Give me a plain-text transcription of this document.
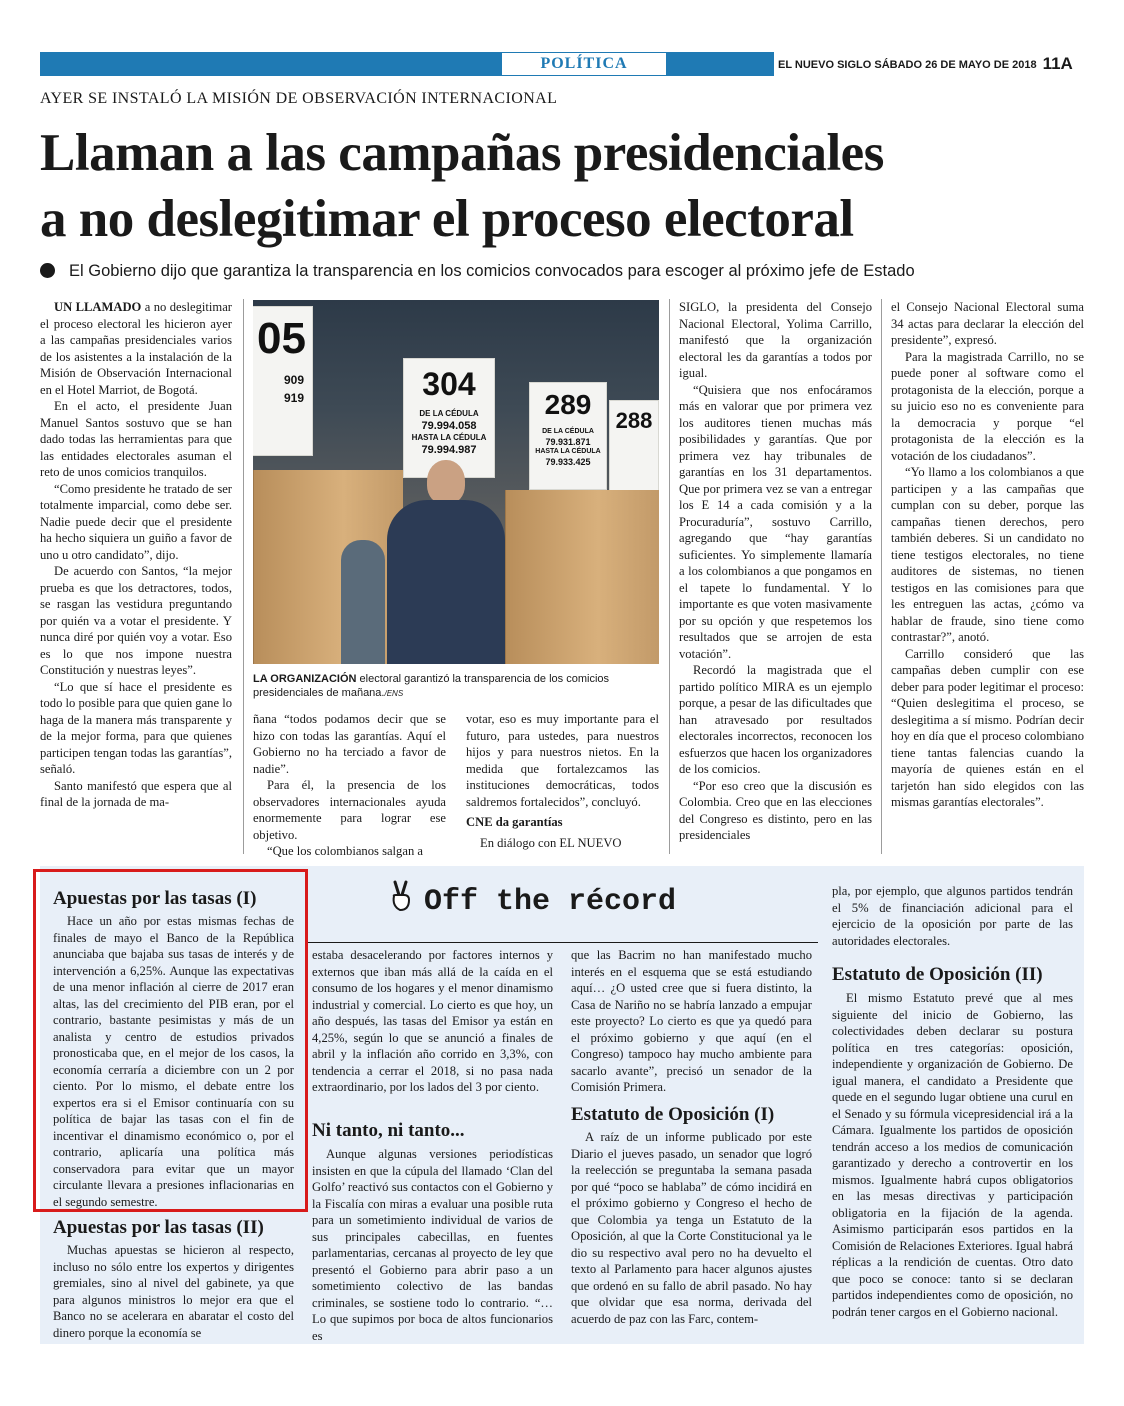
POLÍTICA	EL NUEVO SIGLO SÁBADO 26 DE MAYO DE 2018 11A
AYER SE INSTALÓ LA MISIÓN DE OBSERVACIÓN INTERNACIONAL
Llaman a las campañas presidenciales
a no deslegitimar el proceso electoral
El Gobierno dijo que garantiza la transparencia en los comicios convocados para escoger al próximo jefe de Estado

UN LLAMADO a no deslegitimar el proceso electoral les hicieron ayer a las campañas presidenciales varios de los asistentes a la instalación de la Misión de Observación Internacional en el Hotel Marriot, de Bogotá.

En el acto, el presidente Juan Manuel Santos sostuvo que se han dado todas las herramientas para que las entidades electorales asuman el reto de unos comicios tranquilos.

“Como presidente he tratado de ser totalmente imparcial, como debe ser. Nadie puede decir que el presidente ha hecho siquiera un guiño a favor de uno u otro candidato”, dijo.

De acuerdo con Santos, “la mejor prueba es que los detractores, todos, se rasgan las vestidura preguntando por quién va a votar el presidente. Y nunca diré por quién voy a votar. Eso es lo que nos impone nuestra Constitución y nuestras leyes”.

“Lo que sí hace el presidente es todo lo posible para que quien gane lo haga de la manera más transparente y de la mejor forma, para que quienes participen tengan todas las garantías”, señaló.

Santo manifestó que espera que al final de la jornada de ma-

05
909
919	304
DE LA CÉDULA
79.994.058
HASTA LA CÉDULA
79.994.987
289
DE LA CÉDULA
79.931.871
HASTA LA CÉDULA
79.933.425
288
LA ORGANIZACIÓN electoral garantizó la transparencia de los comicios presidenciales de mañana./ENS

ñana “todos podamos decir que se hizo con todas las garantías. Aquí el Gobierno no ha terciado a favor de nadie”.

Para él, la presencia de los observadores internacionales ayuda enormemente para lograr ese objetivo.

“Que los colombianos salgan a

votar, eso es muy importante para el futuro, para ustedes, para nuestros hijos y para nuestros nietos. En la medida que fortalezcamos las instituciones democráticas, todos saldremos fortalecidos”, concluyó.

CNE da garantías

En diálogo con EL NUEVO

SIGLO, la presidenta del Consejo Nacional Electoral, Yolima Carrillo, manifestó que la organización electoral les da garantías a todos por igual.

“Quisiera que nos enfocáramos más en valorar que por primera vez los auditores tienen muchas más posibilidades y garantías. Que por primera vez hay tribunales de garantías en los 31 departamentos. Que por primera vez se van a entregar los E 14 a cada comisión y a la Procuraduría”, sostuvo Carrillo, agregando que “hay garantías suficientes. Yo simplemente llamaría a los colombianos a que pongamos en el tapete lo fundamental. Y lo importante es que voten masivamente por su opción y que respetemos los resultados que se arrojen de esta votación”.

Recordó la magistrada que el partido político MIRA es un ejemplo porque, a pesar de las dificultades que han atravesado por resultados electorales incorrectos, reconocen los esfuerzos que hacen los organizadores de los comicios.

“Por eso creo que la discusión es Colombia. Creo que en las elecciones del Congreso es distinto, pero en las presidenciales

el Consejo Nacional Electoral suma 34 actas para declarar la elección del presidente”, expresó.

Para la magistrada Carrillo, no se puede poner al software como el protagonista de la elección, porque a su juicio eso no es conveniente para la democracia y porque “el protagonista de la elección es la votación de los ciudadanos”.

“Yo llamo a los colombianos a que participen y a las campañas que cumplan con su deber, porque las campañas tienen derechos, pero también deberes. Si un candidato no tiene testigos electorales, no tiene auditores de sistemas, no tienen testigos en las comisiones para que les entreguen las actas, ¿cómo va hablar de fraude, sino tiene como contrastar?”, anotó.

Carrillo consideró que las campañas deben cumplir con ese deber para poder legitimar el proceso: “Quien deslegitima el proceso, se deslegitima a sí mismo. Podrían decir hoy en día que el proceso colombiano tiene tantas falencias cuando la mayoría de quienes están en el tarjetón han sido elegidos con las mismas garantías electorales”.

Off the récord
Apuestas por las tasas (I)

Hace un año por estas mismas fechas de finales de mayo el Banco de la República anunciaba que bajaba sus tasas de interés y de intervención a 6,25%. Aunque las expectativas de una menor inflación al cierre de 2017 eran altas, las del crecimiento del PIB eran, por el contrario, bastante pesimistas y más de un analista y centro de estudios privados pronosticaba que, en el mejor de los casos, la economía cerraría a diciembre con un 2 por ciento. Por lo mismo, el debate entre los expertos era si el Emisor continuaría con su política de bajar las tasas con el fin de incentivar el dinamismo económico o, por el contrario, aplicaría una política más conservadora para evitar que un mayor circulante llevara a presiones inflacionarias en el segundo semestre.

Apuestas por las tasas (II)

Muchas apuestas se hicieron al respecto, incluso no sólo entre los expertos y dirigentes gremiales, sino al nivel del gabinete, ya que para algunos ministros lo mejor era que el Banco no se acelerara en abaratar el costo del dinero porque la economía se

estaba desacelerando por factores internos y externos que iban más allá de la caída en el consumo de los hogares y el menor dinamismo industrial y comercial. Lo cierto es que hoy, un año después, las tasas del Emisor ya están en 4,25%, según lo que se anunció a finales de abril y la inflación año corrido en 3,3%, con tendencia a cerrar el 2018, si no pasa nada extraordinario, por los lados del 3 por ciento.

Ni tanto, ni tanto...

Aunque algunas versiones periodísticas insisten en que la cúpula del llamado ‘Clan del Golfo’ reactivó sus contactos con el Gobierno y la Fiscalía con miras a evaluar una posible ruta para un sometimiento individual de varios de sus principales cabecillas, en fuentes parlamentarias, cercanas al proyecto de ley que presentó el Gobierno para abrir paso a un sometimiento colectivo de las bandas criminales, se sostiene todo lo contrario. “… Lo que supimos por boca de altos funcionarios es

que las Bacrim no han manifestado mucho interés en el esquema que se está estudiando aquí… ¿O usted cree que si fuera distinto, la Casa de Nariño no se habría lanzado a empujar este proyecto? Lo cierto es que ya quedó para el próximo gobierno y que aquí (en el Congreso) tampoco hay mucho ambiente para sacarlo avante”, precisó un senador de la Comisión Primera.

Estatuto de Oposición (I)

A raíz de un informe publicado por este Diario el jueves pasado, un senador que logró la reelección se preguntaba la semana pasada por qué “poco se hablaba” de cómo incidirá en el próximo gobierno y Congreso el hecho de que Colombia ya tenga un Estatuto de la Oposición, al que la Corte Constitucional ya le dio su respectivo aval pero no ha devuelto el texto al Parlamento para hacer algunos ajustes que ordenó en su fallo de abril pasado. No hay que olvidar que esa norma, derivada del acuerdo de paz con las Farc, contem-

pla, por ejemplo, que algunos partidos tendrán el 5% de financiación adicional para el ejercicio de la oposición por parte de las autoridades electorales.

Estatuto de Oposición (II)

El mismo Estatuto prevé que al mes siguiente del inicio de Gobierno, las colectividades deben declarar su postura política en tres categorías: oposición, independiente y organización de Gobierno. De igual manera, el candidato a Presidente que quede en el segundo lugar obtiene una curul en el Senado y su fórmula vicepresidencial irá a la Cámara. Igualmente los partidos de oposición tendrán acceso a los medios de comunicación garantizado y derecho a controvertir en los mismos. Igualmente habrá cupos obligatorios en las mesas directivas y participación obligatoria en la fijación de la agenda. Asimismo participarán esos partidos en la Comisión de Relaciones Exteriores. Igual habrá réplicas a la rendición de cuentas. Otro dato que poco se conoce: tanto si se declaran partidos independientes como de oposición, no podrán tener cargos en el Gobierno nacional.
